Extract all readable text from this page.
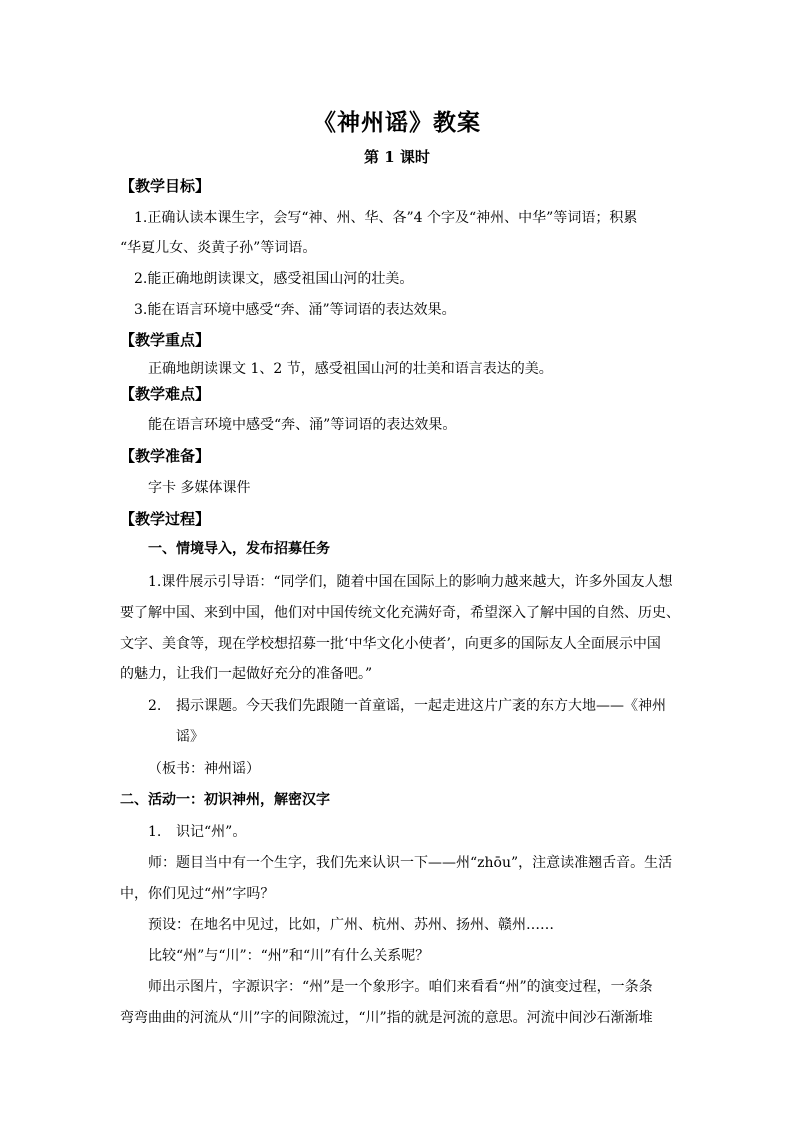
《神州谣》教案
第 1 课时
【教学目标】
1.正确认读本课生字，会写“神、州、华、各”4 个字及“神州、中华”等词语；积累
“华夏儿女、炎黄子孙”等词语。
2.能正确地朗读课文，感受祖国山河的壮美。
3.能在语言环境中感受“奔、涌”等词语的表达效果。
【教学重点】
正确地朗读课文 1、2 节，感受祖国山河的壮美和语言表达的美。
【教学难点】
能在语言环境中感受“奔、涌”等词语的表达效果。
【教学准备】
字卡 多媒体课件
【教学过程】
一、情境导入，发布招募任务
1.课件展示引导语：“同学们，随着中国在国际上的影响力越来越大，许多外国友人想
要了解中国、来到中国，他们对中国传统文化充满好奇，希望深入了解中国的自然、历史、
文字、美食等，现在学校想招募一批‘中华文化小使者’，向更多的国际友人全面展示中国
的魅力，让我们一起做好充分的准备吧。”
2. 揭示课题。今天我们先跟随一首童谣，一起走进这片广袤的东方大地——《神州
谣》
（板书：神州谣）
二、活动一：初识神州，解密汉字
1. 识记“州”。
师：题目当中有一个生字，我们先来认识一下——州“zhōu”，注意读准翘舌音。生活
中，你们见过“州”字吗？
预设：在地名中见过，比如，广州、杭州、苏州、扬州、赣州……
比较“州”与“川”：“州”和“川”有什么关系呢？
师出示图片，字源识字：“州”是一个象形字。咱们来看看“州”的演变过程，一条条
弯弯曲曲的河流从“川”字的间隙流过，“川”指的就是河流的意思。河流中间沙石渐渐堆
